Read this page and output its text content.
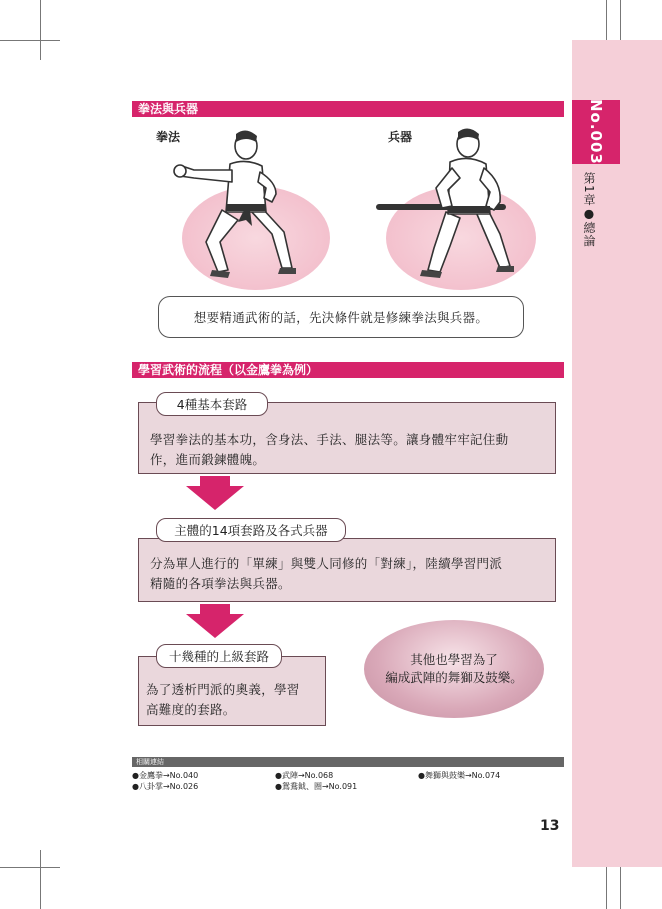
No.003
第1章●總論
拳法與兵器
拳法	兵器
想要精通武術的話，先決條件就是修練拳法與兵器。
學習武術的流程（以金鷹拳為例）
4種基本套路
學習拳法的基本功，含身法、手法、腿法等。讓身體牢牢記住動
作，進而鍛鍊體魄。
主體的14項套路及各式兵器
分為單人進行的「單練」與雙人同修的「對練」，陸續學習門派
精隨的各項拳法與兵器。
十幾種的上級套路
為了透析門派的奧義，學習
高難度的套路。
其他也學習為了
編成武陣的舞獅及鼓樂。
相關連結
●金鷹拳→No.040	●武陣→No.068	●舞獅與鼓樂→No.074
●八卦掌→No.026	●鴛鴦鉞、圈→No.091
13
